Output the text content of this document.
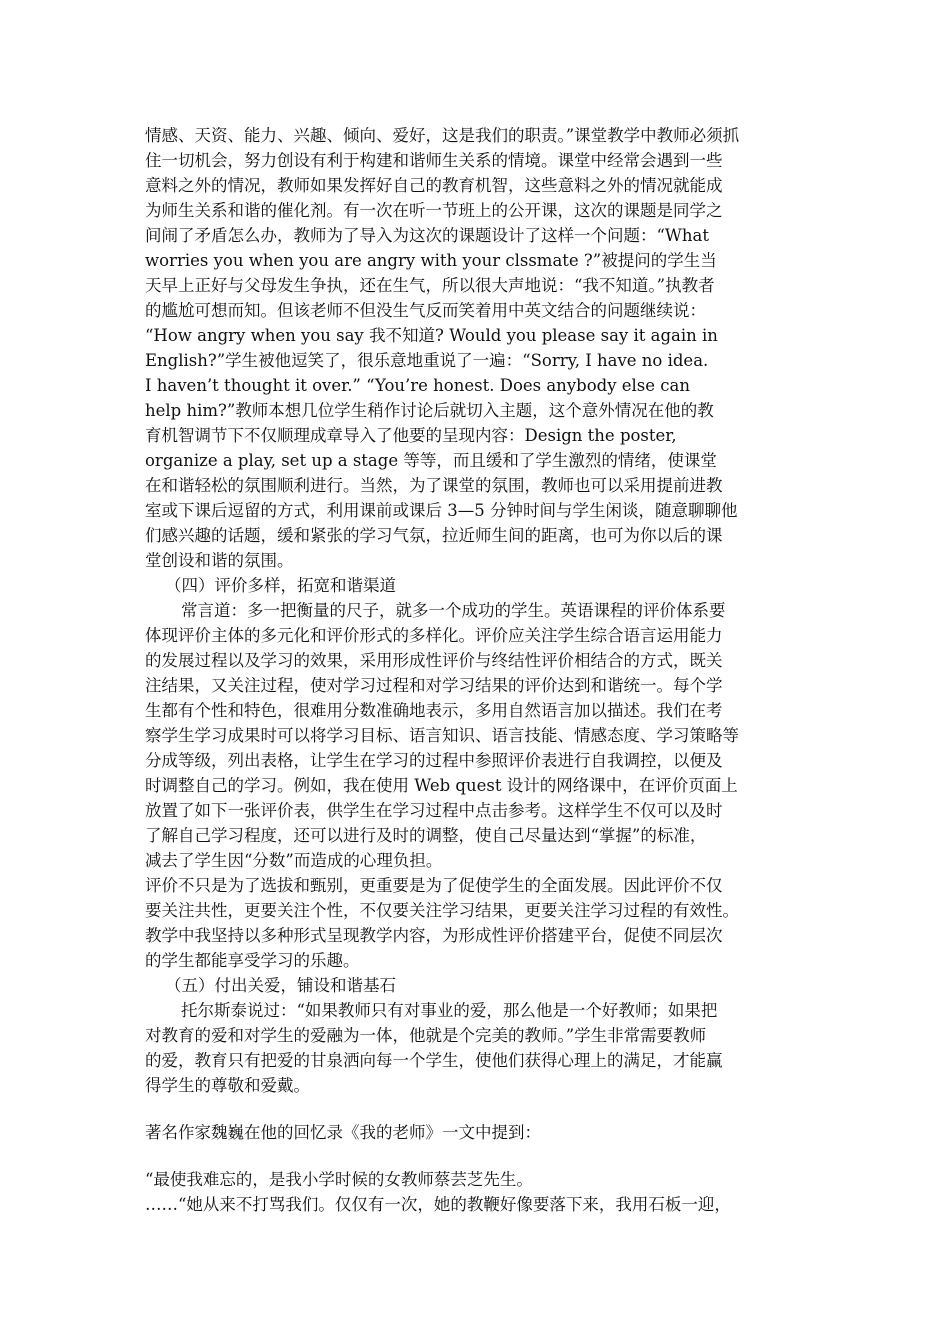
情感、天资、能力、兴趣、倾向、爱好，这是我们的职责。”课堂教学中教师必须抓
住一切机会，努力创设有利于构建和谐师生关系的情境。课堂中经常会遇到一些
意料之外的情况，教师如果发挥好自己的教育机智，这些意料之外的情况就能成
为师生关系和谐的催化剂。有一次在听一节班上的公开课，这次的课题是同学之
间闹了矛盾怎么办，教师为了导入为这次的课题设计了这样一个问题：“What
worries you when you are angry with your clssmate ?”被提问的学生当
天早上正好与父母发生争执，还在生气，所以很大声地说：“我不知道。”执教者
的尴尬可想而知。但该老师不但没生气反而笑着用中英文结合的问题继续说：
“How angry when you say 我不知道? Would you please say it again in
English?”学生被他逗笑了，很乐意地重说了一遍：“Sorry, I have no idea.
I haven’t thought it over.” “You’re honest. Does anybody else can
help him?”教师本想几位学生稍作讨论后就切入主题，这个意外情况在他的教
育机智调节下不仅顺理成章导入了他要的呈现内容：Design the poster,
organize a play, set up a stage 等等，而且缓和了学生激烈的情绪，使课堂
在和谐轻松的氛围顺利进行。当然，为了课堂的氛围，教师也可以采用提前进教
室或下课后逗留的方式，利用课前或课后 3—5 分钟时间与学生闲谈，随意聊聊他
们感兴趣的话题，缓和紧张的学习气氛，拉近师生间的距离，也可为你以后的课
堂创设和谐的氛围。
（四）评价多样，拓宽和谐渠道
常言道：多一把衡量的尺子，就多一个成功的学生。英语课程的评价体系要
体现评价主体的多元化和评价形式的多样化。评价应关注学生综合语言运用能力
的发展过程以及学习的效果，采用形成性评价与终结性评价相结合的方式，既关
注结果，又关注过程，使对学习过程和对学习结果的评价达到和谐统一。每个学
生都有个性和特色，很难用分数准确地表示，多用自然语言加以描述。我们在考
察学生学习成果时可以将学习目标、语言知识、语言技能、情感态度、学习策略等
分成等级，列出表格，让学生在学习的过程中参照评价表进行自我调控，以便及
时调整自己的学习。例如，我在使用 Web quest 设计的网络课中，在评价页面上
放置了如下一张评价表，供学生在学习过程中点击参考。这样学生不仅可以及时
了解自己学习程度，还可以进行及时的调整，使自己尽量达到“掌握”的标准，
减去了学生因“分数”而造成的心理负担。
评价不只是为了选拔和甄别，更重要是为了促使学生的全面发展。因此评价不仅
要关注共性，更要关注个性，不仅要关注学习结果，更要关注学习过程的有效性。
教学中我坚持以多种形式呈现教学内容，为形成性评价搭建平台，促使不同层次
的学生都能享受学习的乐趣。
（五）付出关爱，铺设和谐基石
托尔斯泰说过：“如果教师只有对事业的爱，那么他是一个好教师；如果把
对教育的爱和对学生的爱融为一体，他就是个完美的教师。”学生非常需要教师
的爱，教育只有把爱的甘泉洒向每一个学生，使他们获得心理上的满足，才能赢
得学生的尊敬和爱戴。
著名作家魏巍在他的回忆录《我的老师》一文中提到：
“最使我难忘的，是我小学时候的女教师蔡芸芝先生。
……“她从来不打骂我们。仅仅有一次，她的教鞭好像要落下来，我用石板一迎，
